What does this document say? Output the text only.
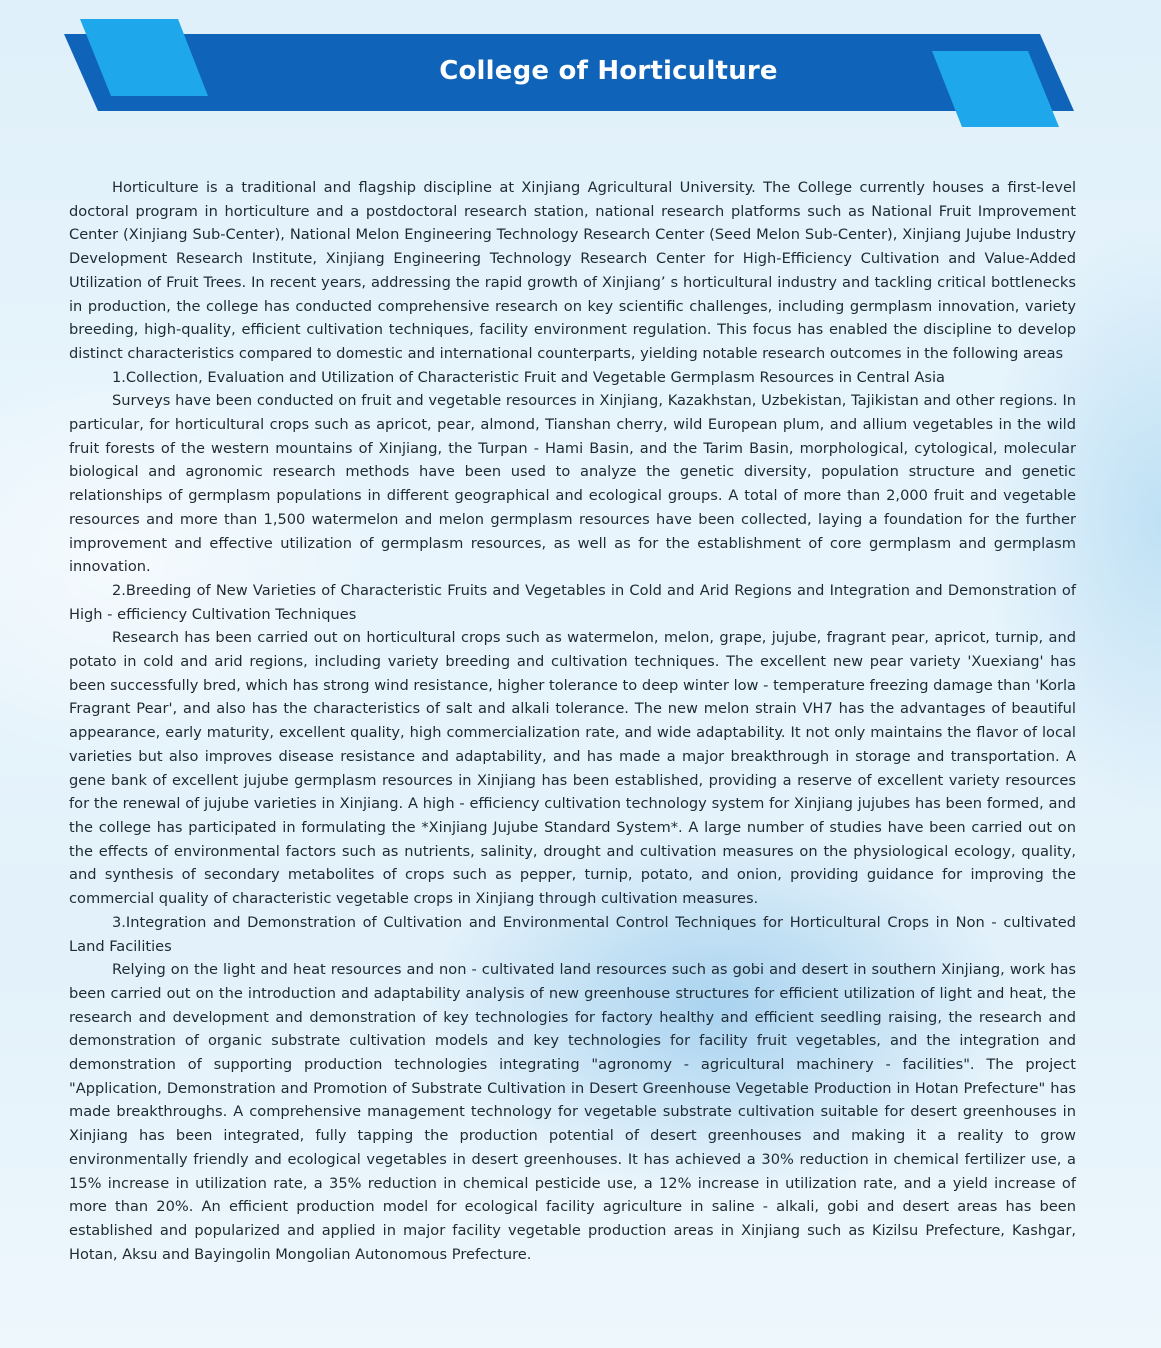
College of Horticulture

Horticulture is a traditional and flagship discipline at Xinjiang Agricultural University. The College currently houses a first-level doctoral program in horticulture and a postdoctoral research station, national research platforms such as National Fruit Improvement Center (Xinjiang Sub-Center), National Melon Engineering Technology Research Center (Seed Melon Sub-Center), Xinjiang Jujube Industry Development Research Institute, Xinjiang Engineering Technology Research Center for High-Efficiency Cultivation and Value-Added Utilization of Fruit Trees. In recent years, addressing the rapid growth of Xinjiang’ s horticultural industry and tackling critical bottlenecks in production, the college has conducted comprehensive research on key scientific challenges, including germplasm innovation, variety breeding, high-quality, efficient cultivation techniques, facility environment regulation. This focus has enabled the discipline to develop distinct characteristics compared to domestic and international counterparts, yielding notable research outcomes in the following areas

1.Collection, Evaluation and Utilization of Characteristic Fruit and Vegetable Germplasm Resources in Central Asia

Surveys have been conducted on fruit and vegetable resources in Xinjiang, Kazakhstan, Uzbekistan, Tajikistan and other regions. In particular, for horticultural crops such as apricot, pear, almond, Tianshan cherry, wild European plum, and allium vegetables in the wild fruit forests of the western mountains of Xinjiang, the Turpan - Hami Basin, and the Tarim Basin, morphological, cytological, molecular biological and agronomic research methods have been used to analyze the genetic diversity, population structure and genetic relationships of germplasm populations in different geographical and ecological groups. A total of more than 2,000 fruit and vegetable resources and more than 1,500 watermelon and melon germplasm resources have been collected, laying a foundation for the further improvement and effective utilization of germplasm resources, as well as for the establishment of core germplasm and germplasm innovation.

2.Breeding of New Varieties of Characteristic Fruits and Vegetables in Cold and Arid Regions and Integration and Demonstration of High - efficiency Cultivation Techniques

Research has been carried out on horticultural crops such as watermelon, melon, grape, jujube, fragrant pear, apricot, turnip, and potato in cold and arid regions, including variety breeding and cultivation techniques. The excellent new pear variety 'Xuexiang' has been successfully bred, which has strong wind resistance, higher tolerance to deep winter low - temperature freezing damage than 'Korla Fragrant Pear', and also has the characteristics of salt and alkali tolerance. The new melon strain VH7 has the advantages of beautiful appearance, early maturity, excellent quality, high commercialization rate, and wide adaptability. It not only maintains the flavor of local varieties but also improves disease resistance and adaptability, and has made a major breakthrough in storage and transportation. A gene bank of excellent jujube germplasm resources in Xinjiang has been established, providing a reserve of excellent variety resources for the renewal of jujube varieties in Xinjiang. A high - efficiency cultivation technology system for Xinjiang jujubes has been formed, and the college has participated in formulating the *Xinjiang Jujube Standard System*. A large number of studies have been carried out on the effects of environmental factors such as nutrients, salinity, drought and cultivation measures on the physiological ecology, quality, and synthesis of secondary metabolites of crops such as pepper, turnip, potato, and onion, providing guidance for improving the commercial quality of characteristic vegetable crops in Xinjiang through cultivation measures.

3.Integration and Demonstration of Cultivation and Environmental Control Techniques for Horticultural Crops in Non - cultivated Land Facilities

Relying on the light and heat resources and non - cultivated land resources such as gobi and desert in southern Xinjiang, work has been carried out on the introduction and adaptability analysis of new greenhouse structures for efficient utilization of light and heat, the research and development and demonstration of key technologies for factory healthy and efficient seedling raising, the research and demonstration of organic substrate cultivation models and key technologies for facility fruit vegetables, and the integration and demonstration of supporting production technologies integrating "agronomy - agricultural machinery - facilities". The project "Application, Demonstration and Promotion of Substrate Cultivation in Desert Greenhouse Vegetable Production in Hotan Prefecture" has made breakthroughs. A comprehensive management technology for vegetable substrate cultivation suitable for desert greenhouses in Xinjiang has been integrated, fully tapping the production potential of desert greenhouses and making it a reality to grow environmentally friendly and ecological vegetables in desert greenhouses. It has achieved a 30% reduction in chemical fertilizer use, a 15% increase in utilization rate, a 35% reduction in chemical pesticide use, a 12% increase in utilization rate, and a yield increase of more than 20%. An efficient production model for ecological facility agriculture in saline - alkali, gobi and desert areas has been established and popularized and applied in major facility vegetable production areas in Xinjiang such as Kizilsu Prefecture, Kashgar, Hotan, Aksu and Bayingolin Mongolian Autonomous Prefecture.
